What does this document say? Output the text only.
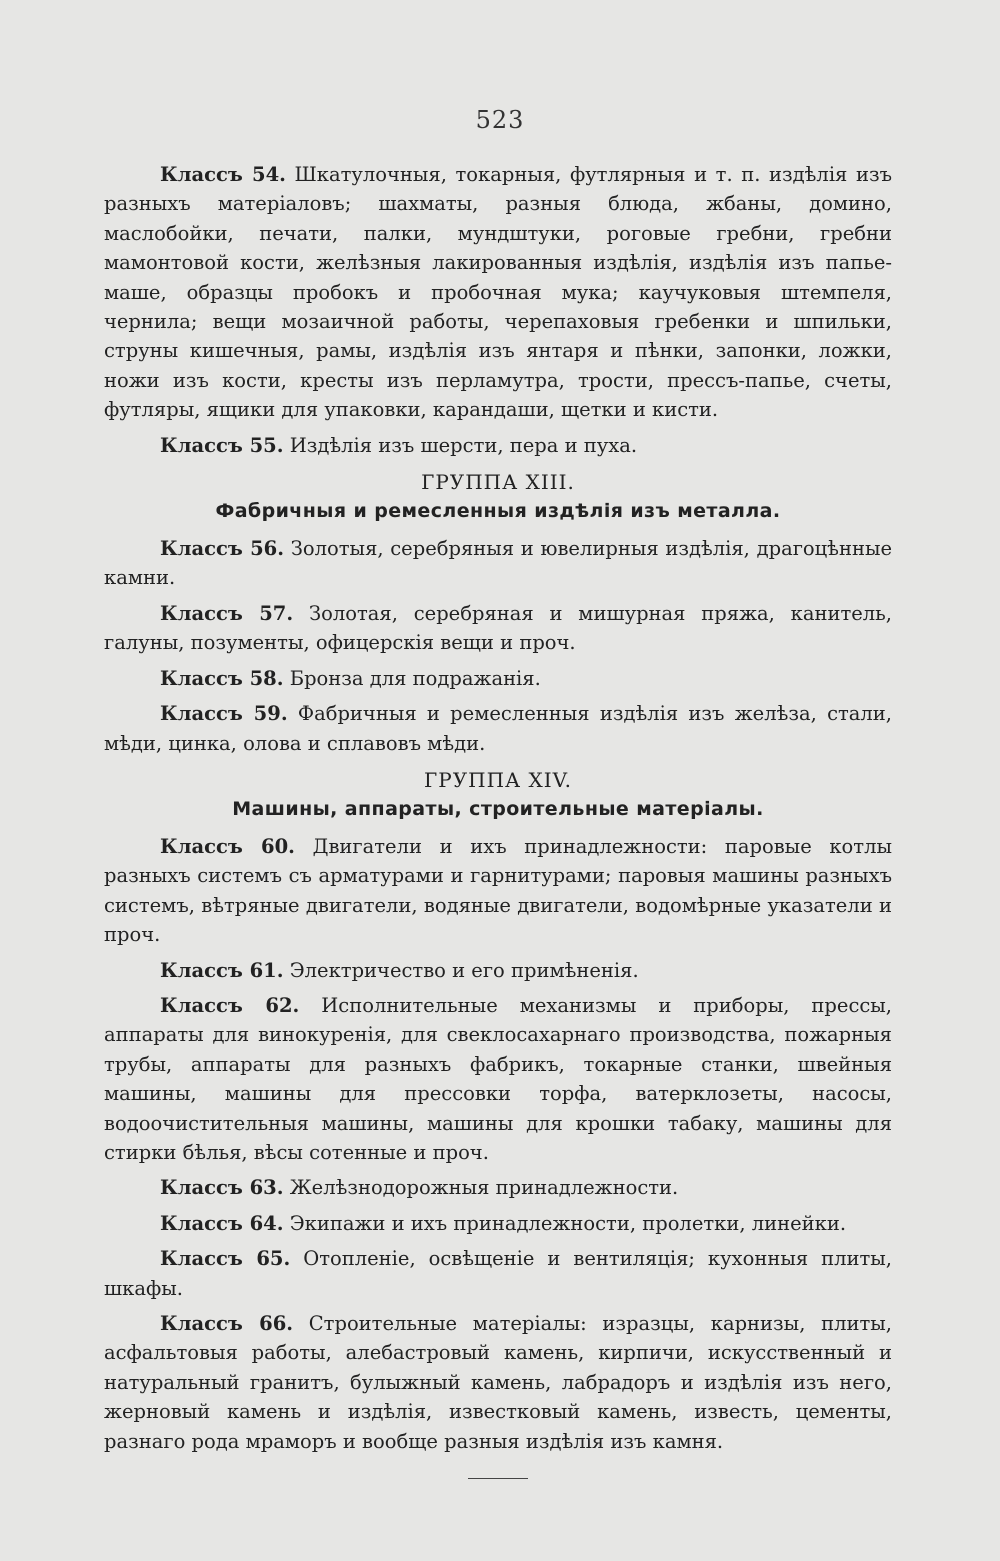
523

Классъ 54. Шкатулочныя, токарныя, футлярныя и т. п. издѣлія изъ разныхъ матеріаловъ; шахматы, разныя блюда, жбаны, домино, маслобойки, печати, палки, мундштуки, роговые гребни, гребни мамонтовой кости, желѣзныя лакированныя издѣлія, издѣлія изъ папье-маше, образцы пробокъ и пробочная мука; каучуковыя штемпеля, чернила; вещи мозаичной работы, черепаховыя гребенки и шпильки, струны кишечныя, рамы, издѣлія изъ янтаря и пѣнки, запонки, ложки, ножи изъ кости, кресты изъ перламутра, трости, прессъ-папье, счеты, футляры, ящики для упаковки, карандаши, щетки и кисти.

Классъ 55. Издѣлія изъ шерсти, пера и пуха.

ГРУППА XIII.
Фабричныя и ремесленныя издѣлія изъ металла.

Классъ 56. Золотыя, серебряныя и ювелирныя издѣлія, драгоцѣнные камни.

Классъ 57. Золотая, серебряная и мишурная пряжа, канитель, галуны, позументы, офицерскія вещи и проч.

Классъ 58. Бронза для подражанія.

Классъ 59. Фабричныя и ремесленныя издѣлія изъ желѣза, стали, мѣди, цинка, олова и сплавовъ мѣди.

ГРУППА XIV.
Машины, аппараты, строительные матеріалы.

Классъ 60. Двигатели и ихъ принадлежности: паровые котлы разныхъ системъ съ арматурами и гарнитурами; паровыя машины разныхъ системъ, вѣтряные двигатели, водяные двигатели, водомѣрные указатели и проч.

Классъ 61. Электричество и его примѣненія.

Классъ 62. Исполнительные механизмы и приборы, прессы, аппараты для винокуренія, для свеклосахарнаго производства, пожарныя трубы, аппараты для разныхъ фабрикъ, токарные станки, швейныя машины, машины для прессовки торфа, ватерклозеты, насосы, водоочистительныя машины, машины для крошки табаку, машины для стирки бѣлья, вѣсы сотенные и проч.

Классъ 63. Желѣзнодорожныя принадлежности.

Классъ 64. Экипажи и ихъ принадлежности, пролетки, линейки.

Классъ 65. Отопленіе, освѣщеніе и вентиляція; кухонныя плиты, шкафы.

Классъ 66. Строительные матеріалы: изразцы, карнизы, плиты, асфальтовыя работы, алебастровый камень, кирпичи, искусственный и натуральный гранитъ, булыжный камень, лабрадоръ и издѣлія изъ него, жерновый камень и издѣлія, известковый камень, известь, цементы, разнаго рода мраморъ и вообще разныя издѣлія изъ камня.
